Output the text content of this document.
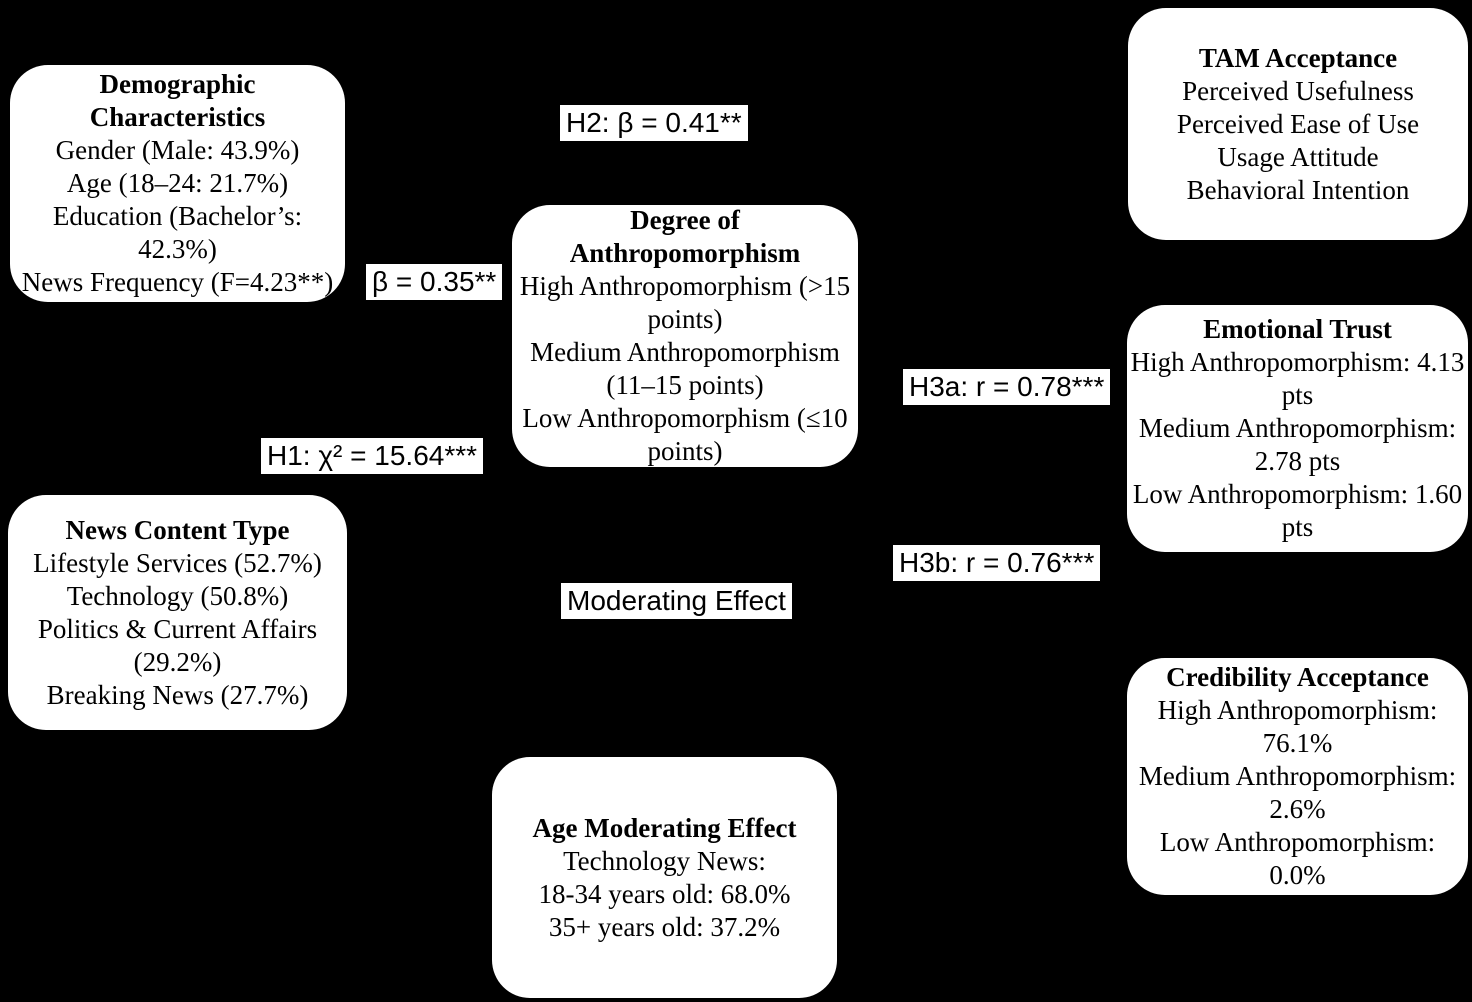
Demographic Characteristics
Gender (Male: 43.9%)
Age (18–24: 21.7%)
Education (Bachelor’s: 42.3%)
News Frequency (F=4.23**)
TAM Acceptance
Perceived Usefulness
Perceived Ease of Use
Usage Attitude
Behavioral Intention
Degree of Anthropomorphism
High Anthropomorphism (>15 points)
Medium Anthropomorphism (11–15 points)
Low Anthropomorphism (≤10 points)
Emotional Trust
High Anthropomorphism: 4.13 pts
Medium Anthropomorphism: 2.78 pts
Low Anthropomorphism: 1.60 pts
News Content Type
Lifestyle Services (52.7%)
Technology (50.8%)
Politics & Current Affairs (29.2%)
Breaking News (27.7%)
Credibility Acceptance
High Anthropomorphism: 76.1%
Medium Anthropomorphism: 2.6%
Low Anthropomorphism: 0.0%
Age Moderating Effect
Technology News:
18-34 years old: 68.0%
35+ years old: 37.2%
H2: β = 0.41**
β = 0.35**
H1: χ² = 15.64***
H3a: r = 0.78***
H3b: r = 0.76***
Moderating Effect
